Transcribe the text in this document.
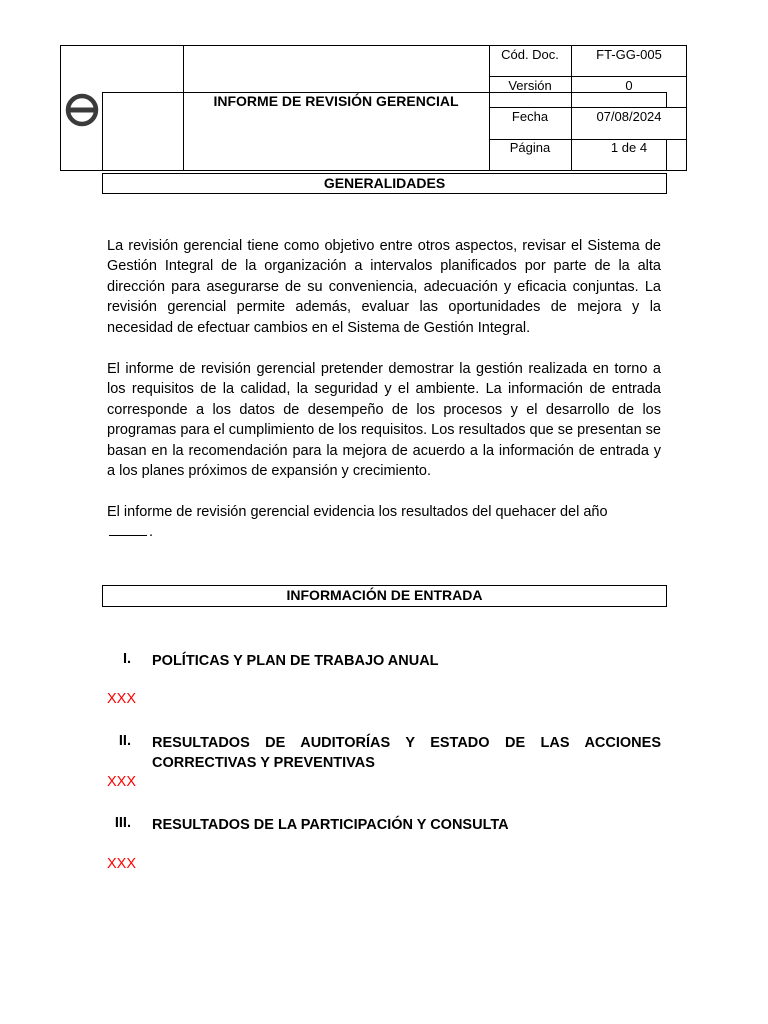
INFORME DE REVISIÓN GERENCIAL
Cód. Doc.	FT-GG-005
Versión	0
Fecha	07/08/2024
Página	1 de 4
GENERALIDADES
La revisión gerencial tiene como objetivo entre otros aspectos, revisar el Sistema de Gestión Integral de la organización a intervalos planificados por parte de la alta dirección para asegurarse de su conveniencia, adecuación y eficacia conjuntas. La revisión gerencial permite además, evaluar las oportunidades de mejora y la necesidad de efectuar cambios en el Sistema de Gestión Integral.
El informe de revisión gerencial pretender demostrar la gestión realizada en torno a los requisitos de la calidad, la seguridad y el ambiente. La información de entrada corresponde a los datos de desempeño de los procesos y el desarrollo de los programas para el cumplimiento de los requisitos. Los resultados que se presentan se basan en la recomendación para la mejora de acuerdo a la información de entrada y a los planes próximos de expansión y crecimiento.
El informe de revisión gerencial evidencia los resultados del quehacer del año
.
INFORMACIÓN DE ENTRADA
I. POLÍTICAS Y PLAN DE TRABAJO ANUAL
XXX
II. RESULTADOS DE AUDITORÍAS Y ESTADO DE LAS ACCIONES CORRECTIVAS Y PREVENTIVAS
XXX
III. RESULTADOS DE LA PARTICIPACIÓN Y CONSULTA
XXX
